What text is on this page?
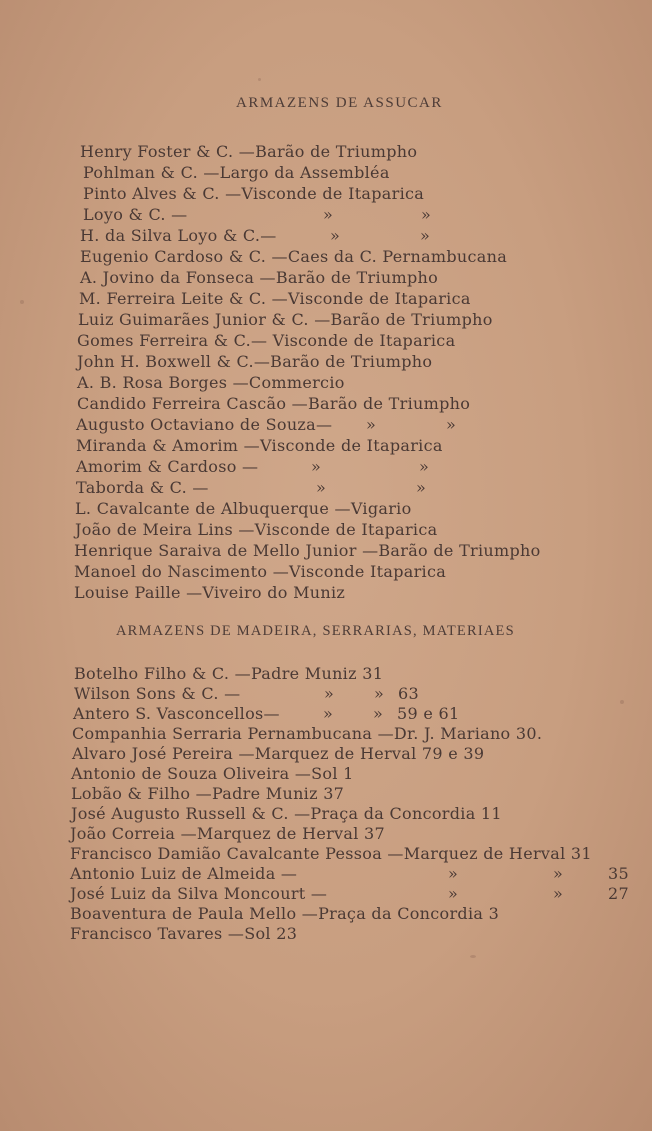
ARMAZENS DE ASSUCAR
Henry Foster & C. —Barão de Triumpho
Pohlman & C. —Largo da Assembléa
Pinto Alves & C. —Visconde de Itaparica
Loyo & C. —	»	»
H. da Silva Loyo & C.—	»	»
Eugenio Cardoso & C. —Caes da C. Pernambucana
A. Jovino da Fonseca —Barão de Triumpho
M. Ferreira Leite & C. —Visconde de Itaparica
Luiz Guimarães Junior & C. —Barão de Triumpho
Gomes Ferreira & C.— Visconde de Itaparica
John H. Boxwell & C.—Barão de Triumpho
A. B. Rosa Borges —Commercio
Candido Ferreira Cascão —Barão de Triumpho
Augusto Octaviano de Souza— »	»
Miranda & Amorim —Visconde de Itaparica
Amorim & Cardoso —	»	»
Taborda & C. —	»	»
L. Cavalcante de Albuquerque —Vigario
João de Meira Lins —Visconde de Itaparica
Henrique Saraiva de Mello Junior —Barão de Triumpho
Manoel do Nascimento —Visconde Itaparica
Louise Paille —Viveiro do Muniz
ARMAZENS DE MADEIRA, SERRARIAS, MATERIAES
Botelho Filho & C. —Padre Muniz 31
Wilson Sons & C. —	» » 63
Antero S. Vasconcellos—	» » 59 e 61
Companhia Serraria Pernambucana —Dr. J. Mariano 30.
Alvaro José Pereira —Marquez de Herval 79 e 39
Antonio de Souza Oliveira —Sol 1
Lobão & Filho —Padre Muniz 37
José Augusto Russell & C. —Praça da Concordia 11
João Correia —Marquez de Herval 37
Francisco Damião Cavalcante Pessoa —Marquez de Herval 31
Antonio Luiz de Almeida —	»	»	35
José Luiz da Silva Moncourt —	»	»	27
Boaventura de Paula Mello —Praça da Concordia 3
Francisco Tavares —Sol 23
